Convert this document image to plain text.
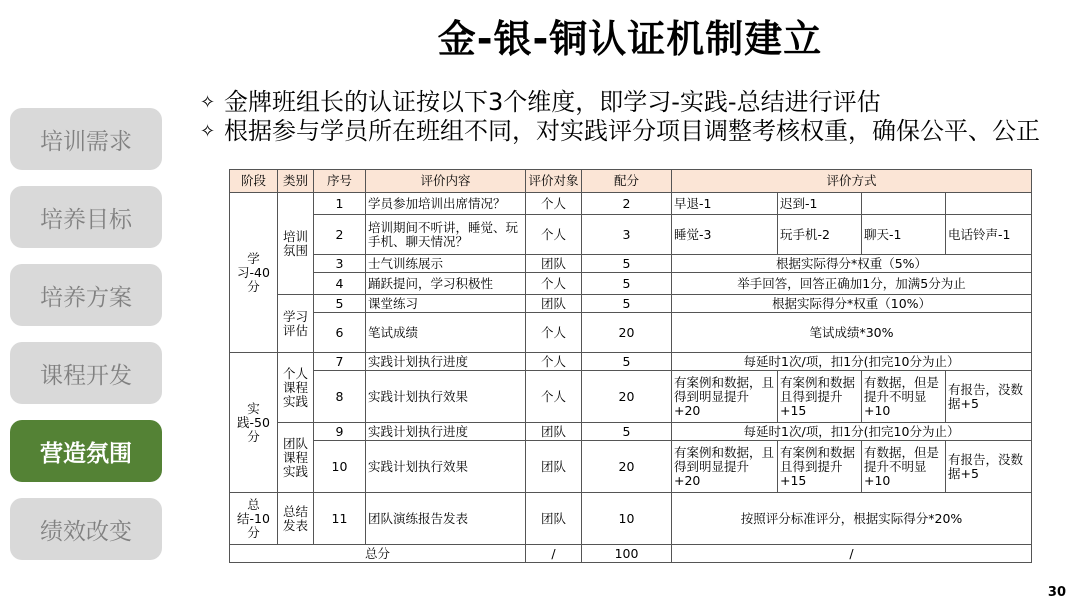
金-银-铜认证机制建立
培训需求
培养目标
培养方案
课程开发
营造氛围
绩效改变
✧ 金牌班组长的认证按以下3个维度，即学习-实践-总结进行评估
✧ 根据参与学员所在班组不同，对实践评分项目调整考核权重，确保公平、公正
阶段	类别	序号	评价内容	评价对象	配分	评价方式			
学习-40分	培训氛围	1	学员参加培训出席情况？	个人	2	早退-1	迟到-1		
		2	培训期间不听讲，睡觉、玩手机、聊天情况？	个人	3	睡觉-3	玩手机-2	聊天-1	电话铃声-1
		3	士气训练展示	团队	5	根据实际得分*权重（5%）			
		4	踊跃提问，学习积极性	个人	5	举手回答，回答正确加1分，加满5分为止			
	学习评估	5	课堂练习	团队	5	根据实际得分*权重（10%）			
		6	笔试成绩	个人	20	笔试成绩*30%			
实践-50分	个人课程实践	7	实践计划执行进度	个人	5	每延时1次/项，扣1分(扣完10分为止）			
		8	实践计划执行效果	个人	20	有案例和数据，且得到明显提升+20	有案例和数据且得到提升+15	有数据，但是提升不明显+10	有报告，没数据+5

	团队课程实践	9	实践计划执行进度	团队	5	每延时1次/项，扣1分(扣完10分为止）			
		10	实践计划执行效果	团队	20	有案例和数据，且得到明显提升+20	有案例和数据且得到提升+15	有数据，但是提升不明显+10	有报告，没数据+5

总结-10分	总结发表	11	团队演练报告发表	团队	10	按照评分标准评分，根据实际得分*20%			
总分				/	100	/			
30
